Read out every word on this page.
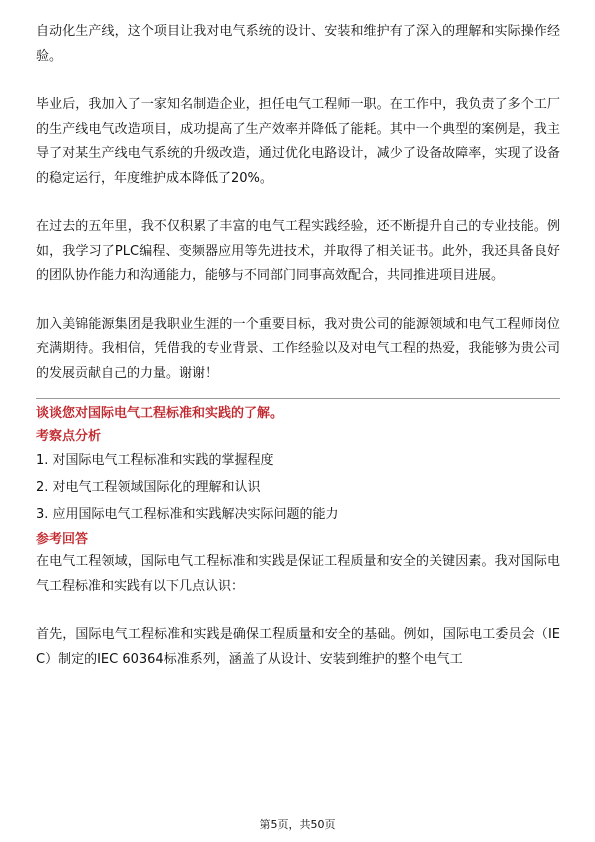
自动化生产线，这个项目让我对电气系统的设计、安装和维护有了深入的理解和实际操作经验。

毕业后，我加入了一家知名制造企业，担任电气工程师一职。在工作中，我负责了多个工厂的生产线电气改造项目，成功提高了生产效率并降低了能耗。其中一个典型的案例是，我主导了对某生产线电气系统的升级改造，通过优化电路设计，减少了设备故障率，实现了设备的稳定运行，年度维护成本降低了20%。

在过去的五年里，我不仅积累了丰富的电气工程实践经验，还不断提升自己的专业技能。例如，我学习了PLC编程、变频器应用等先进技术，并取得了相关证书。此外，我还具备良好的团队协作能力和沟通能力，能够与不同部门同事高效配合，共同推进项目进展。

加入美锦能源集团是我职业生涯的一个重要目标，我对贵公司的能源领域和电气工程师岗位充满期待。我相信，凭借我的专业背景、工作经验以及对电气工程的热爱，我能够为贵公司的发展贡献自己的力量。谢谢！

谈谈您对国际电气工程标准和实践的了解。

考察点分析

1. 对国际电气工程标准和实践的掌握程度
2. 对电气工程领域国际化的理解和认识
3. 应用国际电气工程标准和实践解决实际问题的能力

参考回答

在电气工程领域，国际电气工程标准和实践是保证工程质量和安全的关键因素。我对国际电气工程标准和实践有以下几点认识：

首先，国际电气工程标准和实践是确保工程质量和安全的基础。例如，国际电工委员会（IEC）制定的IEC 60364标准系列，涵盖了从设计、安装到维护的整个电气工

第5页，共50页
